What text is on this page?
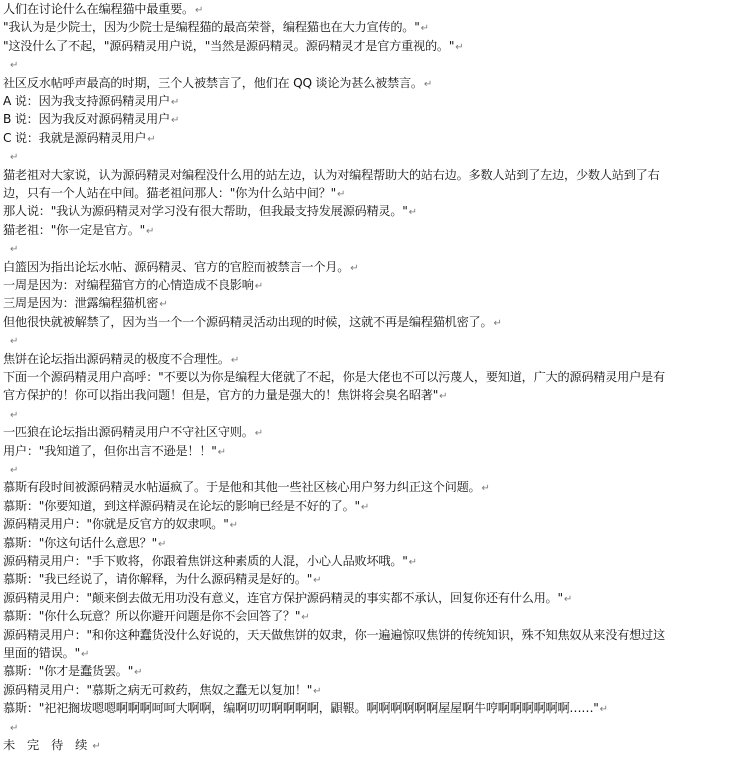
人们在讨论什么在编程猫中最重要。↵
"我认为是少院士，因为少院士是编程猫的最高荣誉，编程猫也在大力宣传的。"↵
"这没什么了不起，"源码精灵用户说，"当然是源码精灵。源码精灵才是官方重视的。"↵
↵
社区反水帖呼声最高的时期，三个人被禁言了，他们在 QQ 谈论为甚么被禁言。↵
A 说：因为我支持源码精灵用户↵
B 说：因为我反对源码精灵用户↵
C 说：我就是源码精灵用户↵
↵
猫老祖对大家说，认为源码精灵对编程没什么用的站左边，认为对编程帮助大的站右边。多数人站到了左边，少数人站到了右
边，只有一个人站在中间。猫老祖问那人："你为什么站中间？"↵
那人说："我认为源码精灵对学习没有很大帮助，但我最支持发展源码精灵。"↵
猫老祖："你一定是官方。"↵
↵
白篮因为指出论坛水帖、源码精灵、官方的官腔而被禁言一个月。↵
一周是因为：对编程猫官方的心情造成不良影响↵
三周是因为：泄露编程猫机密↵
但他很快就被解禁了，因为当一个一个源码精灵活动出现的时候，这就不再是编程猫机密了。↵
↵
焦饼在论坛指出源码精灵的极度不合理性。↵
下面一个源码精灵用户高呼："不要以为你是编程大佬就了不起，你是大佬也不可以污蔑人，要知道，广大的源码精灵用户是有
官方保护的！你可以指出我问题！但是，官方的力量是强大的！焦饼将会臭名昭著"↵
↵
一匹狼在论坛指出源码精灵用户不守社区守则。↵
用户："我知道了，但你出言不逊是！！"↵
↵
慕斯有段时间被源码精灵水帖逼疯了。于是他和其他一些社区核心用户努力纠正这个问题。↵
慕斯："你要知道，到这样源码精灵在论坛的影响已经是不好的了。"↵
源码精灵用户："你就是反官方的奴隶呗。"↵
慕斯："你这句话什么意思？"↵
源码精灵用户："手下败将，你跟着焦饼这种素质的人混，小心人品败坏哦。"↵
慕斯："我已经说了，请你解释，为什么源码精灵是好的。"↵
源码精灵用户："颠来倒去做无用功没有意义，连官方保护源码精灵的事实都不承认，回复你还有什么用。"↵
慕斯："你什么玩意？所以你避开问题是你不会回答了？"↵
源码精灵用户："和你这种蠢货没什么好说的，天天做焦饼的奴隶，你一遍遍惊叹焦饼的传统知识，殊不知焦奴从来没有想过这
里面的错误。"↵
慕斯："你才是蠢货罢。"↵
源码精灵用户："慕斯之病无可救药，焦奴之蠢无以复加！"↵
慕斯："祀祀搁坺嗯嗯啊啊啊呵呵大啊啊，编啊叨叨啊啊啊啊，鼰鞎。啊啊啊啊啊啊屋屋啊牛哼啊啊啊啊啊啊……"↵
↵
未 完 待 续↵
